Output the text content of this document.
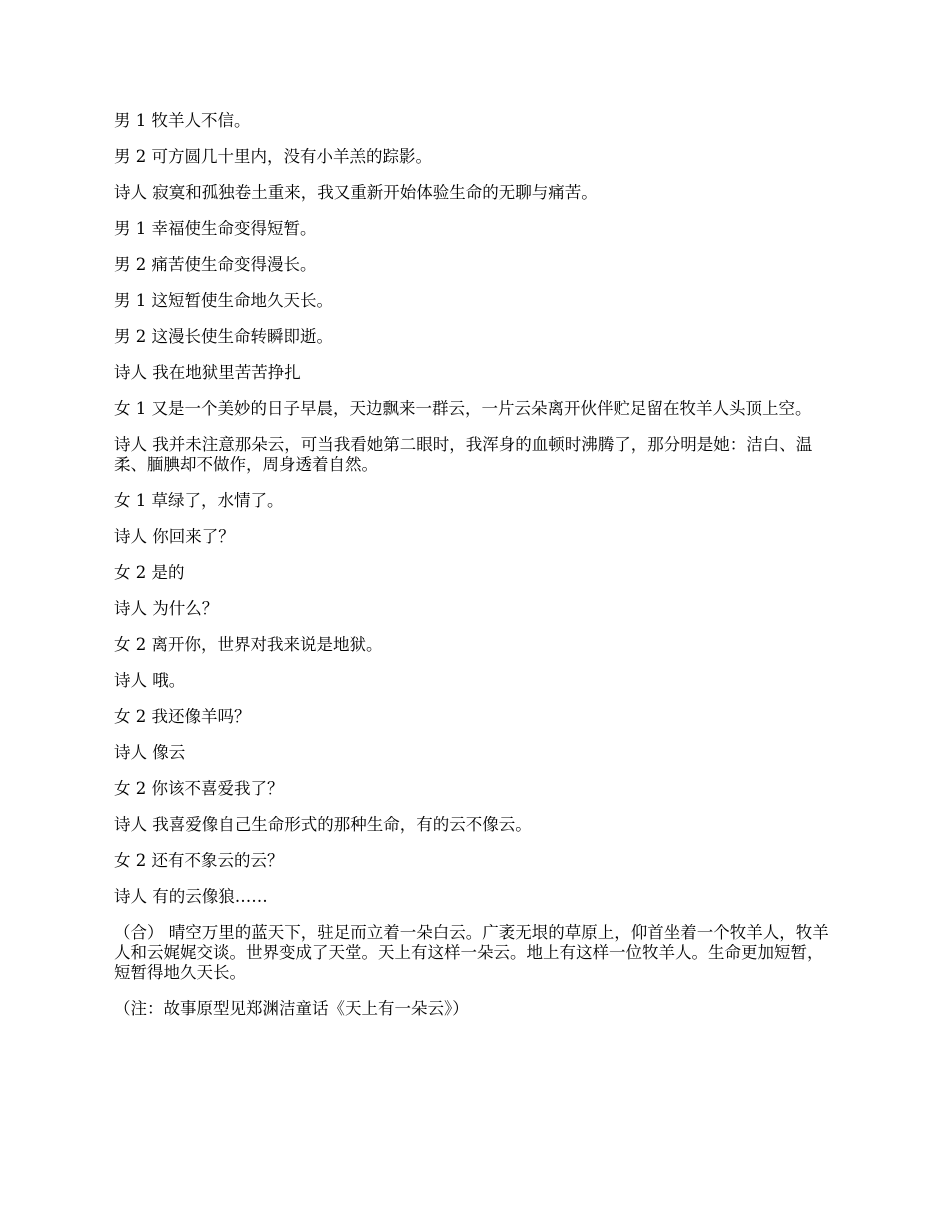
男 1 牧羊人不信。

男 2 可方圆几十里内，没有小羊羔的踪影。

诗人 寂寞和孤独卷土重来，我又重新开始体验生命的无聊与痛苦。

男 1 幸福使生命变得短暂。

男 2 痛苦使生命变得漫长。

男 1 这短暂使生命地久天长。

男 2 这漫长使生命转瞬即逝。

诗人 我在地狱里苦苦挣扎

女 1 又是一个美妙的日子早晨，天边飘来一群云，一片云朵离开伙伴贮足留在牧羊人头顶上空。

诗人 我并未注意那朵云，可当我看她第二眼时，我浑身的血顿时沸腾了，那分明是她：洁白、温柔、腼腆却不做作，周身透着自然。

女 1 草绿了，水情了。

诗人 你回来了？

女 2 是的

诗人 为什么？

女 2 离开你，世界对我来说是地狱。

诗人 哦。

女 2 我还像羊吗？

诗人 像云

女 2 你该不喜爱我了？

诗人 我喜爱像自己生命形式的那种生命，有的云不像云。

女 2 还有不象云的云？

诗人 有的云像狼……

（合） 晴空万里的蓝天下，驻足而立着一朵白云。广袤无垠的草原上，仰首坐着一个牧羊人，牧羊人和云娓娓交谈。世界变成了天堂。天上有这样一朵云。地上有这样一位牧羊人。生命更加短暂，短暂得地久天长。

（注：故事原型见郑渊洁童话《天上有一朵云》）
